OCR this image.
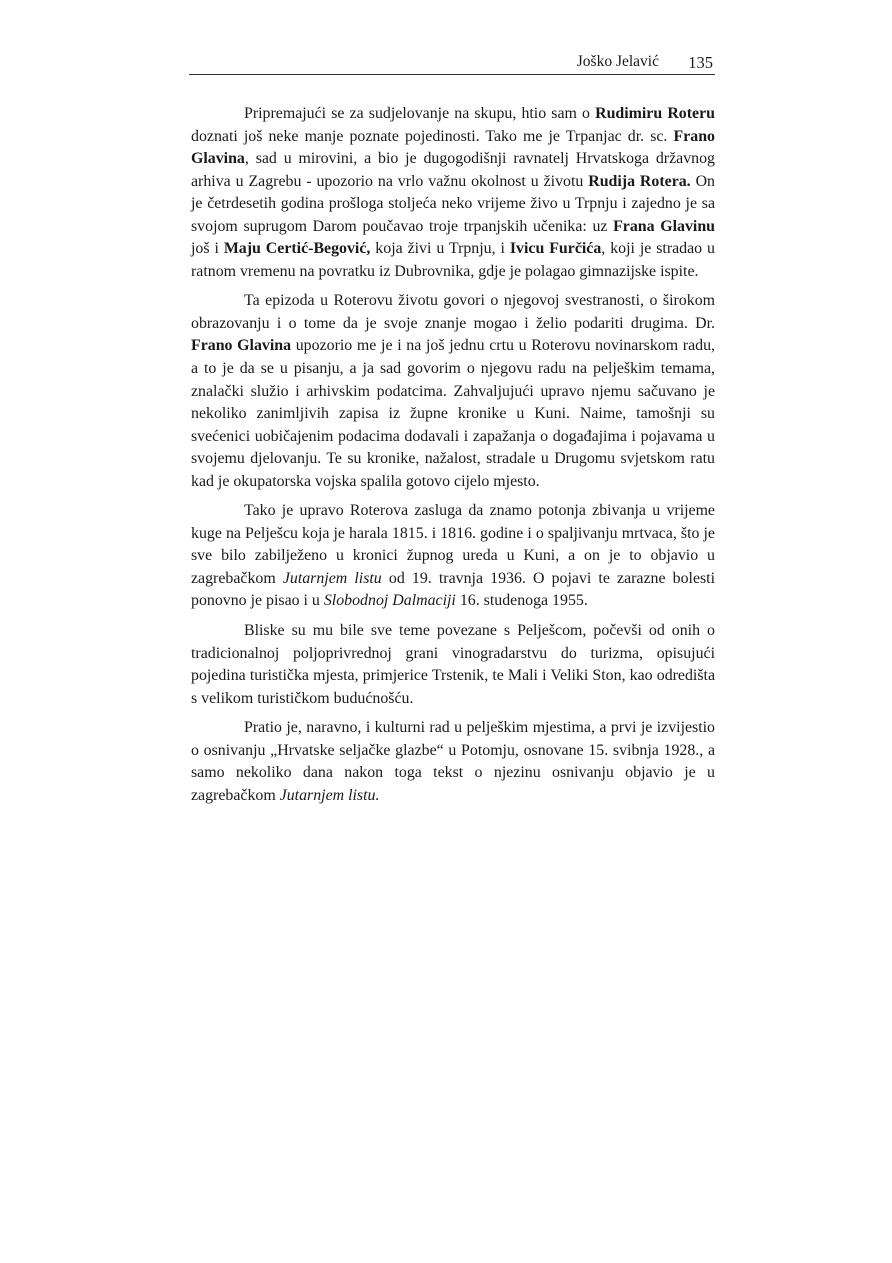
Joško Jelavić 135

Pripremajući se za sudjelovanje na skupu, htio sam o Rudimiru Roteru doznati još neke manje poznate pojedinosti. Tako me je Trpanjac dr. sc. Frano Glavina, sad u mirovini, a bio je dugogodišnji ravnatelj Hrvatskoga državnog arhiva u Zagrebu - upozorio na vrlo važnu okolnost u životu Rudija Rotera. On je četrdesetih godina prošloga stoljeća neko vrijeme živo u Trpnju i zajedno je sa svojom suprugom Darom poučavao troje trpanjskih učenika: uz Frana Glavinu još i Maju Certić-Begović, koja živi u Trpnju, i Ivicu Furčića, koji je stradao u ratnom vremenu na povratku iz Dubrovnika, gdje je polagao gimnazijske ispite.

Ta epizoda u Roterovu životu govori o njegovoj svestranosti, o širokom obrazovanju i o tome da je svoje znanje mogao i želio podariti drugima. Dr. Frano Glavina upozorio me je i na još jednu crtu u Roterovu novinarskom radu, a to je da se u pisanju, a ja sad govorim o njegovu radu na pelješkim temama, znalački služio i arhivskim podatcima. Zahvaljujući upravo njemu sačuvano je nekoliko zanimljivih zapisa iz župne kronike u Kuni. Naime, tamošnji su svećenici uobičajenim podacima dodavali i zapažanja o događajima i pojavama u svojemu djelovanju. Te su kronike, nažalost, stradale u Drugomu svjetskom ratu kad je okupatorska vojska spalila gotovo cijelo mjesto.

Tako je upravo Roterova zasluga da znamo potonja zbivanja u vrijeme kuge na Pelješcu koja je harala 1815. i 1816. godine i o spaljivanju mrtvaca, što je sve bilo zabilježeno u kronici župnog ureda u Kuni, a on je to objavio u zagrebačkom Jutarnjem listu od 19. travnja 1936. O pojavi te zarazne bolesti ponovno je pisao i u Slobodnoj Dalmaciji 16. studenoga 1955.

Bliske su mu bile sve teme povezane s Pelješcom, počevši od onih o tradicionalnoj poljoprivrednoj grani vinogradarstvu do turizma, opisujući pojedina turistička mjesta, primjerice Trstenik, te Mali i Veliki Ston, kao odredišta s velikom turističkom budućnošću.

Pratio je, naravno, i kulturni rad u pelješkim mjestima, a prvi je izvijestio o osnivanju „Hrvatske seljačke glazbe“ u Potomju, osnovane 15. svibnja 1928., a samo nekoliko dana nakon toga tekst o njezinu osnivanju objavio je u zagrebačkom Jutarnjem listu.
